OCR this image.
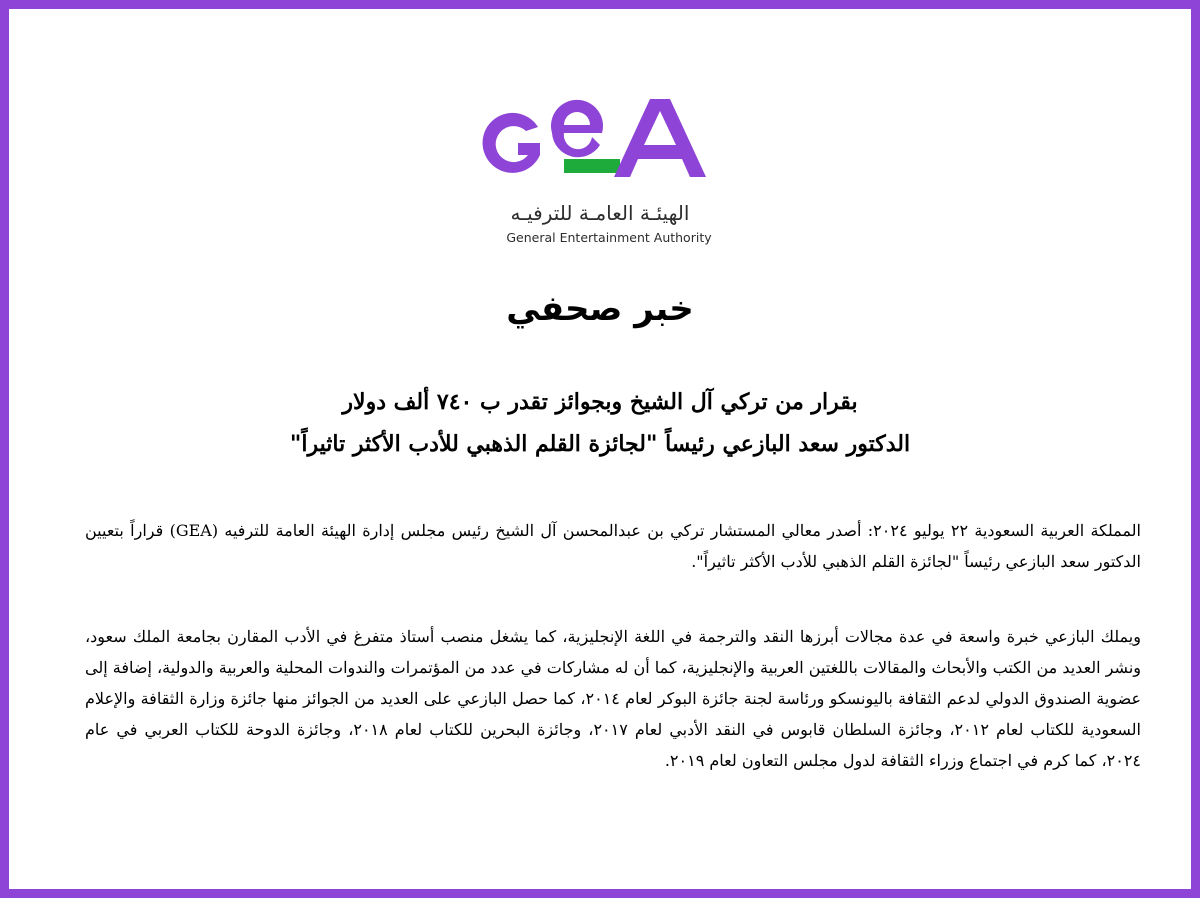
الهيئـة العامـة للترفيـه
General Entertainment Authority
خبر صحفي
بقرار من تركي آل الشيخ وبجوائز تقدر ب ٧٤٠ ألف دولار
الدكتور سعد البازعي رئيساً "لجائزة القلم الذهبي للأدب الأكثر تاثيراً"
المملكة العربية السعودية ٢٢ يوليو ٢٠٢٤: أصدر معالي المستشار تركي بن عبدالمحسن آل الشيخ رئيس مجلس إدارة الهيئة العامة للترفيه (GEA) قراراً بتعيين الدكتور سعد البازعي رئيساً "لجائزة القلم الذهبي للأدب الأكثر تاثيراً".
ويملك البازعي خبرة واسعة في عدة مجالات أبرزها النقد والترجمة في اللغة الإنجليزية، كما يشغل منصب أستاذ متفرغ في الأدب المقارن بجامعة الملك سعود، ونشر العديد من الكتب والأبحاث والمقالات باللغتين العربية والإنجليزية، كما أن له مشاركات في عدد من المؤتمرات والندوات المحلية والعربية والدولية، إضافة إلى عضوية الصندوق الدولي لدعم الثقافة باليونسكو ورئاسة لجنة جائزة البوكر لعام ٢٠١٤، كما حصل البازعي على العديد من الجوائز منها جائزة وزارة الثقافة والإعلام السعودية للكتاب لعام ٢٠١٢، وجائزة السلطان قابوس في النقد الأدبي لعام ٢٠١٧، وجائزة البحرين للكتاب لعام ٢٠١٨، وجائزة الدوحة للكتاب العربي في عام ٢٠٢٤، كما كرم في اجتماع وزراء الثقافة لدول مجلس التعاون لعام ٢٠١٩.
